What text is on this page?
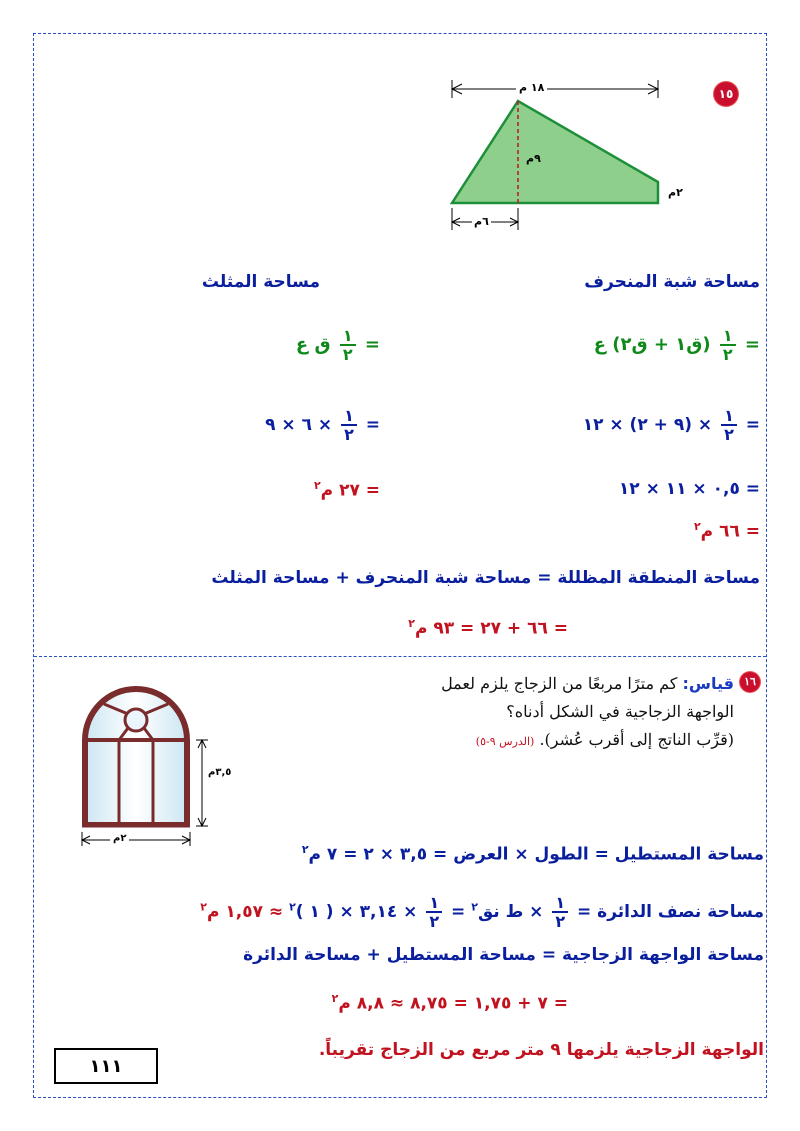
١٥
١٨ م
٩م
٢م
٦م
مساحة شبة المنحرف
مساحة المثلث
=
$\frac{١}{٢}$
(ق١ + ق٢) ع
=
$\frac{١}{٢}$
ق ع
=
$\frac{١}{٢}$
× (٩ + ٢) × ١٢
=
$\frac{١}{٢}$
× ٦ × ٩
= ٠,٥ × ١١ × ١٢
= ٢٧ م$^٢$
= ٦٦ م$^٢$
مساحة المنطقة المظللة = مساحة شبة المنحرف + مساحة المثلث
= ٦٦ + ٢٧ = ٩٣ م$^٢$
١٦
قياس: كم مترًا مربعًا من الزجاج يلزم لعمل
الواجهة الزجاجية في الشكل أدناه؟
(قرِّب الناتج إلى أقرب عُشر). (الدرس ٩-٥)
٣,٥م
٢م
مساحة المستطيل = الطول × العرض = ٣,٥ × ٢ = ٧ م$^٢$
مساحة نصف الدائرة =
$\frac{١}{٢}$
× ط نق$^٢$ =
$\frac{١}{٢}$
× ٣,١٤ × ( ١ )$^٢$ ≈ ١,٥٧ م$^٢$
مساحة الواجهة الزجاجية = مساحة المستطيل + مساحة الدائرة
= ٧ + ١,٧٥ = ٨,٧٥ ≈ ٨,٨ م$^٢$
الواجهة الزجاجية يلزمها ٩ متر مربع من الزجاج تقريباً.
١١١
